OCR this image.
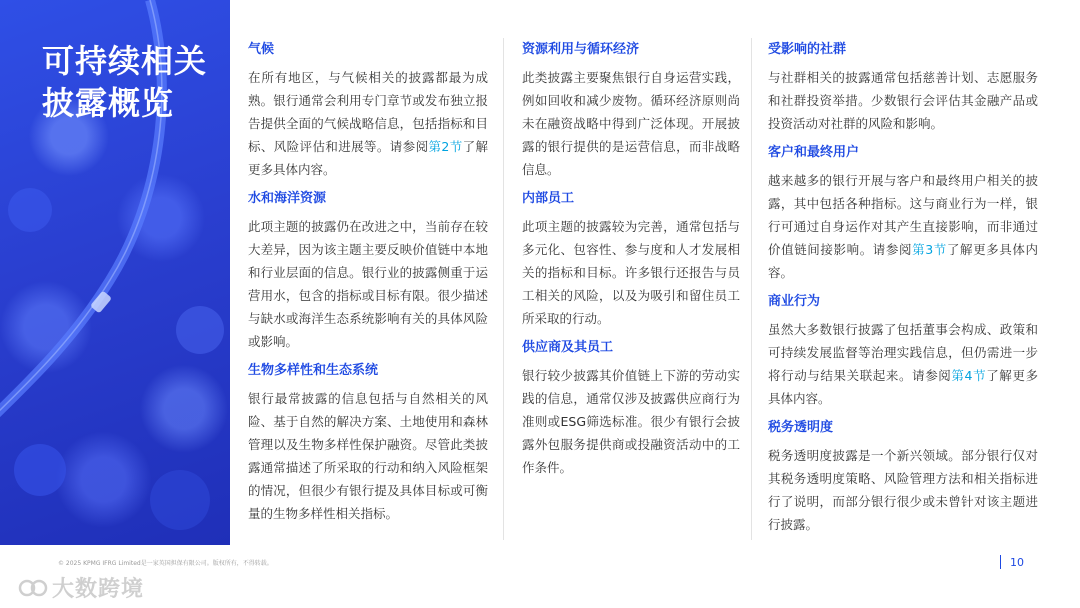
可持续相关披露概览
气候
在所有地区，与气候相关的披露都最为成熟。银行通常会利用专门章节或发布独立报告提供全面的气候战略信息，包括指标和目标、风险评估和进展等。请参阅第2节了解更多具体内容。
水和海洋资源
此项主题的披露仍在改进之中，当前存在较大差异，因为该主题主要反映价值链中本地和行业层面的信息。银行业的披露侧重于运营用水，包含的指标或目标有限。很少描述与缺水或海洋生态系统影响有关的具体风险或影响。
生物多样性和生态系统
银行最常披露的信息包括与自然相关的风险、基于自然的解决方案、土地使用和森林管理以及生物多样性保护融资。尽管此类披露通常描述了所采取的行动和纳入风险框架的情况，但很少有银行提及具体目标或可衡量的生物多样性相关指标。
资源利用与循环经济
此类披露主要聚焦银行自身运营实践，例如回收和减少废物。循环经济原则尚未在融资战略中得到广泛体现。开展披露的银行提供的是运营信息，而非战略信息。
内部员工
此项主题的披露较为完善，通常包括与多元化、包容性、参与度和人才发展相关的指标和目标。许多银行还报告与员工相关的风险，以及为吸引和留住员工所采取的行动。
供应商及其员工
银行较少披露其价值链上下游的劳动实践的信息，通常仅涉及披露供应商行为准则或ESG筛选标准。很少有银行会披露外包服务提供商或投融资活动中的工作条件。
受影响的社群
与社群相关的披露通常包括慈善计划、志愿服务和社群投资举措。少数银行会评估其金融产品或投资活动对社群的风险和影响。
客户和最终用户
越来越多的银行开展与客户和最终用户相关的披露，其中包括各种指标。这与商业行为一样，银行可通过自身运作对其产生直接影响，而非通过价值链间接影响。请参阅第3节了解更多具体内容。
商业行为
虽然大多数银行披露了包括董事会构成、政策和可持续发展监督等治理实践信息，但仍需进一步将行动与结果关联起来。请参阅第4节了解更多具体内容。
税务透明度
税务透明度披露是一个新兴领域。部分银行仅对其税务透明度策略、风险管理方法和相关指标进行了说明，而部分银行很少或未曾针对该主题进行披露。
© 2025 KPMG IFRG Limited是一家英国担保有限公司。版权所有，不得转载。	10
大数跨境
